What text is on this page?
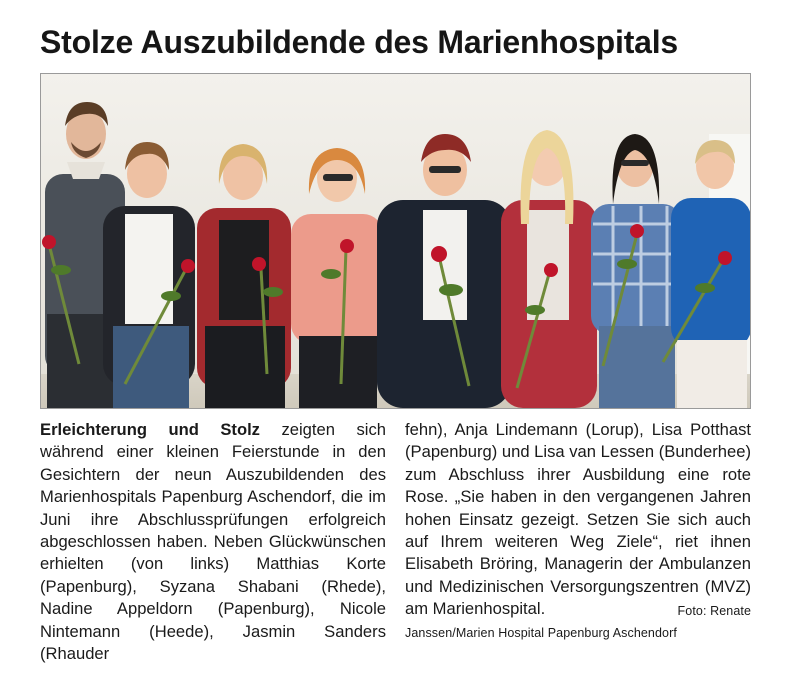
Stolze Auszubildende des Marienhospitals
Erleichterung und Stolz zeigten sich während einer kleinen Feierstunde in den Gesichtern der neun Auszubildenden des Marienhospitals Papenburg Aschendorf, die im Juni ihre Abschlussprüfungen erfolgreich abgeschlossen haben. Neben Glückwünschen erhielten (von links) Matthias Korte (Papenburg), Syzana Shabani (Rhede), Nadine Appeldorn (Papenburg), Nicole Nintemann (Heede), Jasmin Sanders (Rhauder
fehn), Anja Lindemann (Lorup), Lisa Potthast (Papenburg) und Lisa van Lessen (Bunderhee) zum Abschluss ihrer Ausbildung eine rote Rose. „Sie haben in den vergangenen Jahren hohen Einsatz gezeigt. Setzen Sie sich auch auf Ihrem weiteren Weg Ziele“, riet ihnen Elisabeth Bröring, Managerin der Ambulanzen und Medizinischen Versorgungszentren (MVZ) am Marienhospital.	Foto: Renate

Janssen/Marien Hospital Papenburg Aschendorf
